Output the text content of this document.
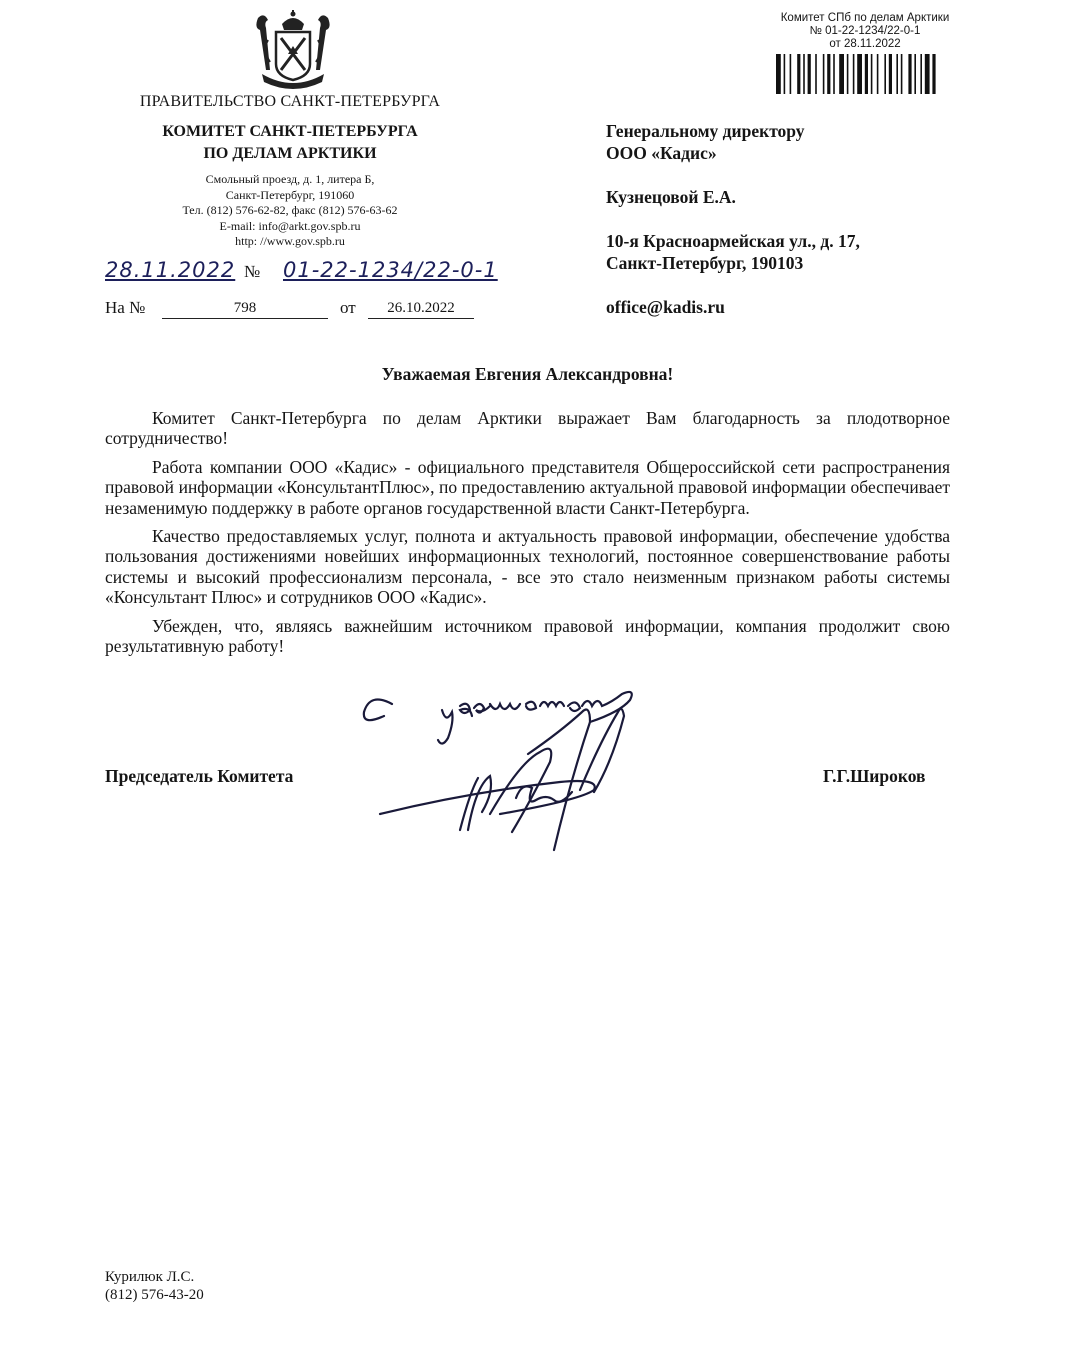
ПРАВИТЕЛЬСТВО САНКТ-ПЕТЕРБУРГА
КОМИТЕТ САНКТ-ПЕТЕРБУРГА
ПО ДЕЛАМ АРКТИКИ
Смольный проезд, д. 1, литера Б,
Санкт-Петербург, 191060
Тел. (812) 576-62-82, факс (812) 576-63-62
E-mail: info@arkt.gov.spb.ru
http: //www.gov.spb.ru
28.11.2022 № 01-22-1234/22-0-1
На №	798	от	26.10.2022
Комитет СПб по делам Арктики
№ 01-22-1234/22-0-1
от 28.11.2022
Генеральному директору
ООО «Кадис»
Кузнецовой Е.А.
10-я Красноармейская ул., д. 17,
Санкт-Петербург, 190103
office@kadis.ru
Уважаемая Евгения Александровна!

Комитет Санкт-Петербурга по делам Арктики выражает Вам благодарность за плодотворное сотрудничество!

Работа компании ООО «Кадис» - официального представителя Общероссийской сети распространения правовой информации «КонсультантПлюс», по предоставлению актуальной правовой информации обеспечивает незаменимую поддержку в работе органов государственной власти Санкт-Петербурга.

Качество предоставляемых услуг, полнота и актуальность правовой информации, обеспечение удобства пользования достижениями новейших информационных технологий, постоянное совершенствование работы системы и высокий профессионализм персонала, - все это стало неизменным признаком работы системы «Консультант Плюс» и сотрудников ООО «Кадис».

Убежден, что, являясь важнейшим источником правовой информации, компания продолжит свою результативную работу!

Председатель Комитета	Г.Г.Широков
Курилюк Л.С.
(812) 576-43-20
